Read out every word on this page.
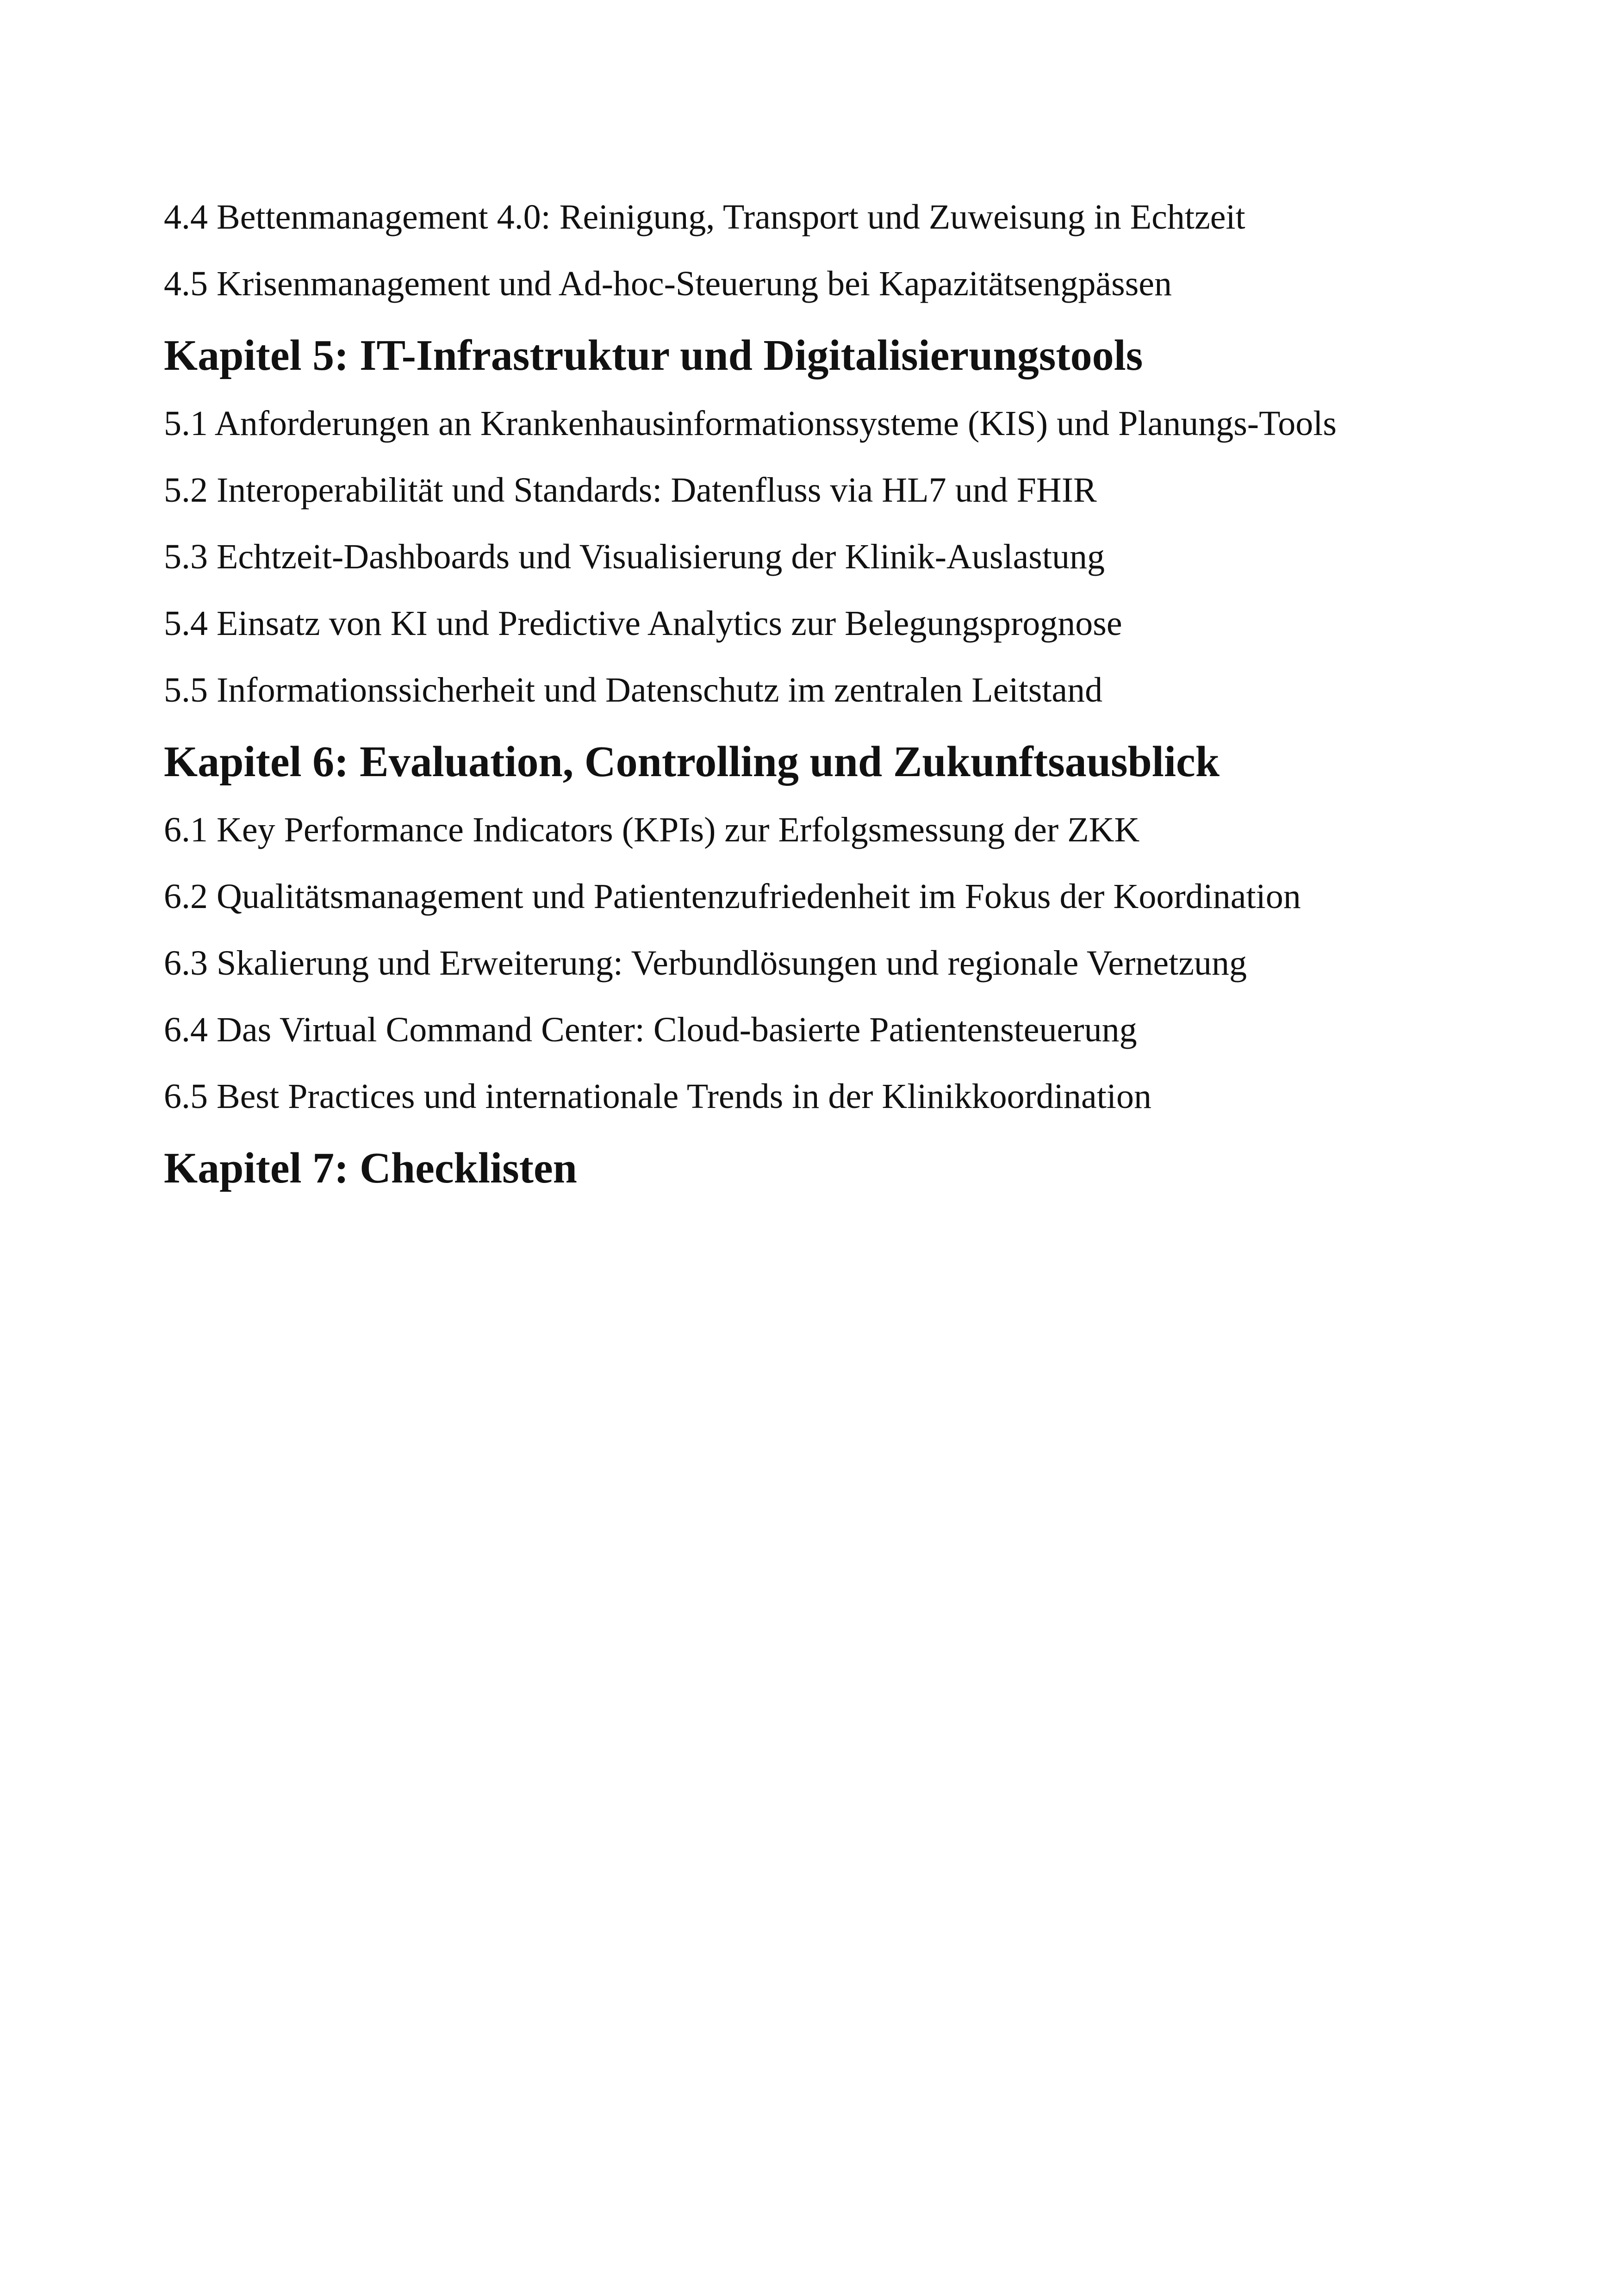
4.4 Bettenmanagement 4.0: Reinigung, Transport und Zuweisung in Echtzeit

4.5 Krisenmanagement und Ad-hoc-Steuerung bei Kapazitätsengpässen

Kapitel 5: IT-Infrastruktur und Digitalisierungstools

5.1 Anforderungen an Krankenhausinformationssysteme (KIS) und Planungs-Tools

5.2 Interoperabilität und Standards: Datenfluss via HL7 und FHIR

5.3 Echtzeit-Dashboards und Visualisierung der Klinik-Auslastung

5.4 Einsatz von KI und Predictive Analytics zur Belegungsprognose

5.5 Informationssicherheit und Datenschutz im zentralen Leitstand

Kapitel 6: Evaluation, Controlling und Zukunftsausblick

6.1 Key Performance Indicators (KPIs) zur Erfolgsmessung der ZKK

6.2 Qualitätsmanagement und Patientenzufriedenheit im Fokus der Koordination

6.3 Skalierung und Erweiterung: Verbundlösungen und regionale Vernetzung

6.4 Das Virtual Command Center: Cloud-basierte Patientensteuerung

6.5 Best Practices und internationale Trends in der Klinikkoordination

Kapitel 7: Checklisten
